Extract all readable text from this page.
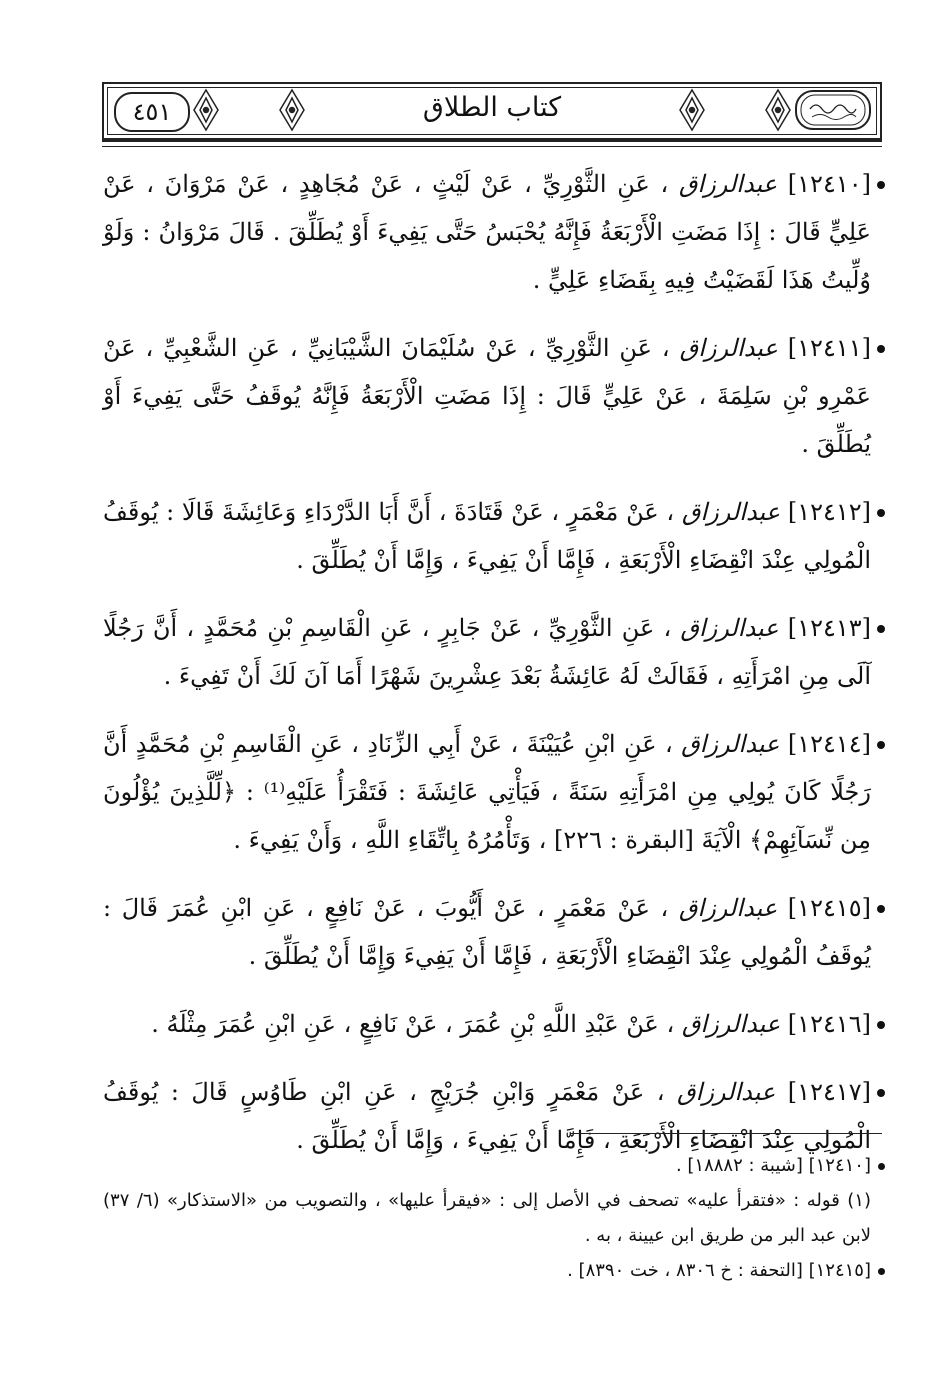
٤٥١	كتاب الطلاق
[١٢٤١٠] عبدالرزاق ، عَنِ الثَّوْرِيِّ ، عَنْ لَيْثٍ ، عَنْ مُجَاهِدٍ ، عَنْ مَرْوَانَ ، عَنْ عَلِيٍّ قَالَ : إِذَا مَضَتِ الْأَرْبَعَةُ فَإِنَّهُ يُحْبَسُ حَتَّى يَفِيءَ أَوْ يُطَلِّقَ . قَالَ مَرْوَانُ : وَلَوْ وُلِّيتُ هَذَا لَقَضَيْتُ فِيهِ بِقَضَاءِ عَلِيٍّ .
[١٢٤١١] عبدالرزاق ، عَنِ الثَّوْرِيِّ ، عَنْ سُلَيْمَانَ الشَّيْبَانِيِّ ، عَنِ الشَّعْبِيِّ ، عَنْ عَمْرِو بْنِ سَلِمَةَ ، عَنْ عَلِيٍّ قَالَ : إِذَا مَضَتِ الْأَرْبَعَةُ فَإِنَّهُ يُوقَفُ حَتَّى يَفِيءَ أَوْ يُطَلِّقَ .
[١٢٤١٢] عبدالرزاق ، عَنْ مَعْمَرٍ ، عَنْ قَتَادَةَ ، أَنَّ أَبَا الدَّرْدَاءِ وَعَائِشَةَ قَالَا : يُوقَفُ الْمُولِي عِنْدَ انْقِضَاءِ الْأَرْبَعَةِ ، فَإِمَّا أَنْ يَفِيءَ ، وَإِمَّا أَنْ يُطَلِّقَ .
[١٢٤١٣] عبدالرزاق ، عَنِ الثَّوْرِيِّ ، عَنْ جَابِرٍ ، عَنِ الْقَاسِمِ بْنِ مُحَمَّدٍ ، أَنَّ رَجُلًا آلَى مِنِ امْرَأَتِهِ ، فَقَالَتْ لَهُ عَائِشَةُ بَعْدَ عِشْرِينَ شَهْرًا أَمَا آنَ لَكَ أَنْ تَفِيءَ .
[١٢٤١٤] عبدالرزاق ، عَنِ ابْنِ عُيَيْنَةَ ، عَنْ أَبِي الزِّنَادِ ، عَنِ الْقَاسِمِ بْنِ مُحَمَّدٍ أَنَّ رَجُلًا كَانَ يُولِي مِنِ امْرَأَتِهِ سَنَةً ، فَيَأْتِي عَائِشَةَ : فَتَقْرَأُ عَلَيْهِ⁽¹⁾ : ﴿لِّلَّذِينَ يُؤْلُونَ مِن نِّسَآئِهِمْ﴾ الْآيَةَ [البقرة : ٢٢٦] ، وَتَأْمُرُهُ بِاتِّقَاءِ اللَّهِ ، وَأَنْ يَفِيءَ .
[١٢٤١٥] عبدالرزاق ، عَنْ مَعْمَرٍ ، عَنْ أَيُّوبَ ، عَنْ نَافِعٍ ، عَنِ ابْنِ عُمَرَ قَالَ : يُوقَفُ الْمُولِي عِنْدَ انْقِضَاءِ الْأَرْبَعَةِ ، فَإِمَّا أَنْ يَفِيءَ وَإِمَّا أَنْ يُطَلِّقَ .
[١٢٤١٦] عبدالرزاق ، عَنْ عَبْدِ اللَّهِ بْنِ عُمَرَ ، عَنْ نَافِعٍ ، عَنِ ابْنِ عُمَرَ مِثْلَهُ .
[١٢٤١٧] عبدالرزاق ، عَنْ مَعْمَرٍ وَابْنِ جُرَيْجٍ ، عَنِ ابْنِ طَاوُسٍ قَالَ : يُوقَفُ الْمُولِي عِنْدَ انْقِضَاءِ الْأَرْبَعَةِ ، فَإِمَّا أَنْ يَفِيءَ ، وَإِمَّا أَنْ يُطَلِّقَ .
[١٢٤١٠] [شيبة : ١٨٨٨٢] .
(١) قوله : «فتقرأ عليه» تصحف في الأصل إلى : «فيقرأ عليها» ، والتصويب من «الاستذكار» (٦/ ٣٧) لابن عبد البر من طريق ابن عيينة ، به .
[١٢٤١٥] [التحفة : خ ٨٣٠٦ ، خت ٨٣٩٠] .
